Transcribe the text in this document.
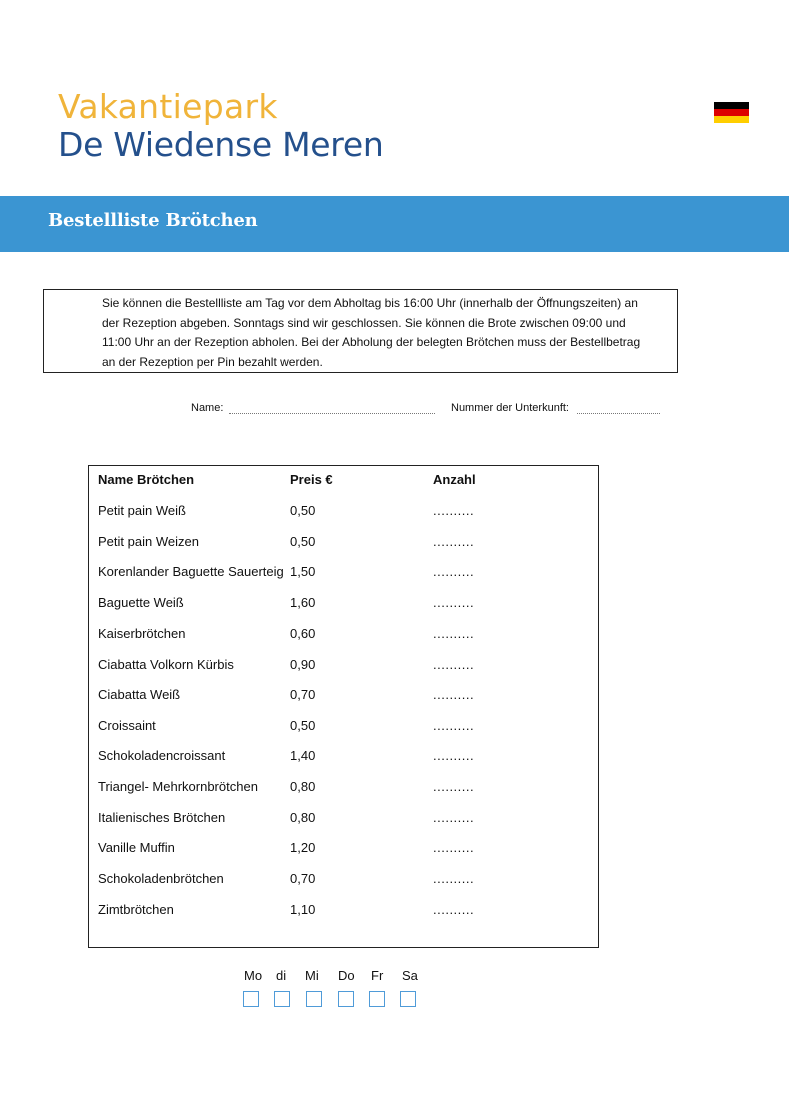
Vakantiepark
De Wiedense Meren
Bestellliste Brötchen
Sie können die Bestellliste am Tag vor dem Abholtag bis 16:00 Uhr (innerhalb der Öffnungszeiten) an
der Rezeption abgeben. Sonntags sind wir geschlossen. Sie können die Brote zwischen 09:00 und
11:00 Uhr an der Rezeption abholen. Bei der Abholung der belegten Brötchen muss der Bestellbetrag
an der Rezeption per Pin bezahlt werden.
Name:	Nummer der Unterkunft:
Name Brötchen	Preis €	Anzahl
Petit pain Weiß	0,50	..........
Petit pain Weizen	0,50	..........
Korenlander Baguette Sauerteig 1,50	..........
Baguette Weiß	1,60	..........
Kaiserbrötchen	0,60	..........
Ciabatta Volkorn Kürbis	0,90	..........
Ciabatta Weiß	0,70	..........
Croissaint	0,50	..........
Schokoladencroissant	1,40	..........
Triangel- Mehrkornbrötchen 0,80	..........
Italienisches Brötchen	0,80	..........
Vanille Muffin	1,20	..........
Schokoladenbrötchen	0,70	..........
Zimtbrötchen	1,10	..........
Mo di Mi Do Fr Sa
